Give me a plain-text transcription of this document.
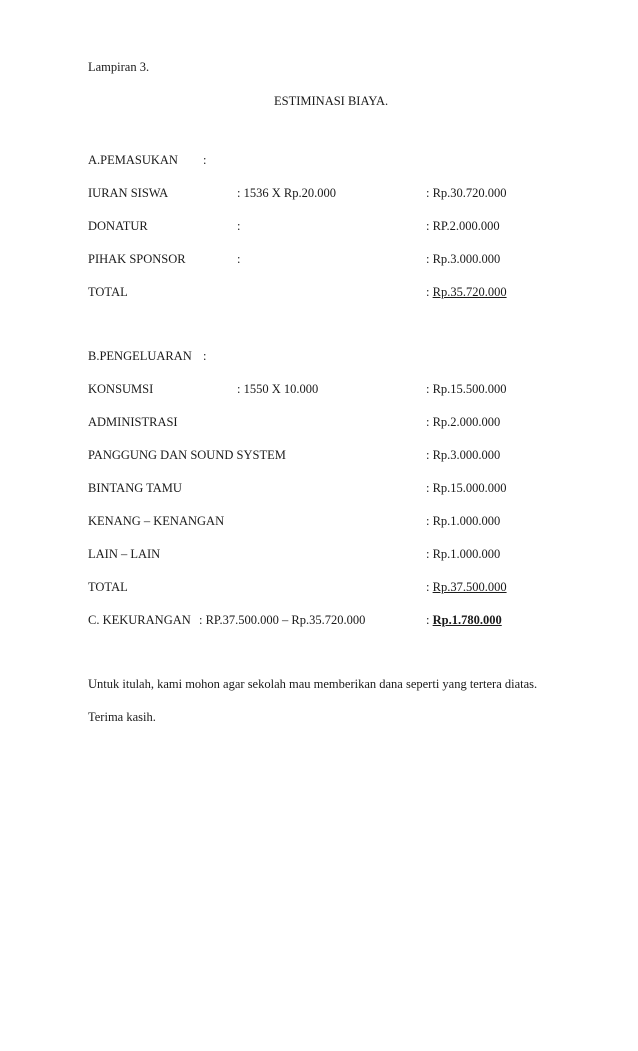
Lampiran 3.
ESTIMINASI BIAYA.
A.PEMASUKAN :
IURAN SISWA	: 1536 X Rp.20.000	: Rp.30.720.000
DONATUR	:	: RP.2.000.000
PIHAK SPONSOR	:	: Rp.3.000.000
TOTAL	: Rp.35.720.000
B.PENGELUARAN :
KONSUMSI	: 1550 X 10.000	: Rp.15.500.000
ADMINISTRASI	: Rp.2.000.000
PANGGUNG DAN SOUND SYSTEM	: Rp.3.000.000
BINTANG TAMU	: Rp.15.000.000
KENANG – KENANGAN	: Rp.1.000.000
LAIN – LAIN	: Rp.1.000.000
TOTAL	: Rp.37.500.000
C. KEKURANGAN : RP.37.500.000 – Rp.35.720.000	: Rp.1.780.000
Untuk itulah, kami mohon agar sekolah mau memberikan dana seperti yang tertera diatas.
Terima kasih.
